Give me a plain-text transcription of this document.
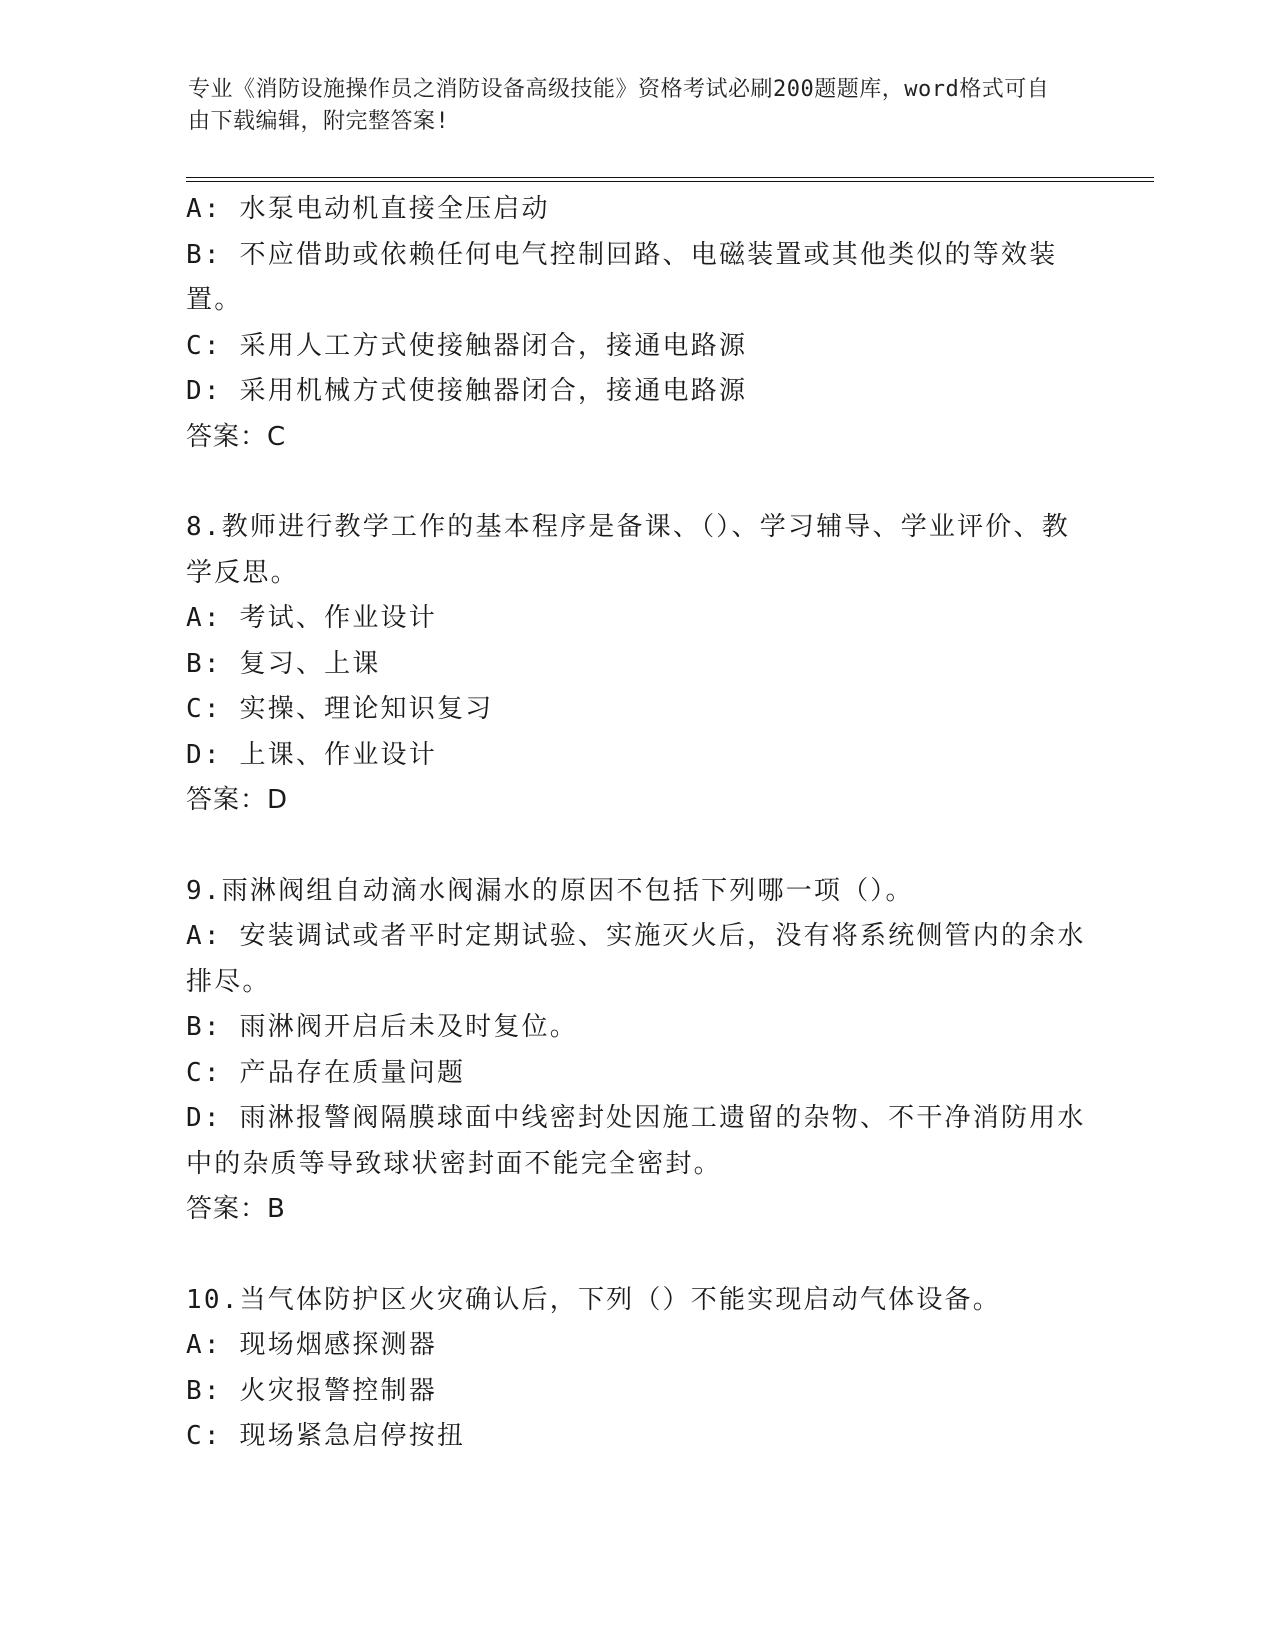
专业《消防设施操作员之消防设备高级技能》资格考试必刷200题题库，word格式可自由下载编辑，附完整答案!
A: 水泵电动机直接全压启动
B: 不应借助或依赖任何电气控制回路、电磁装置或其他类似的等效装置。
C: 采用人工方式使接触器闭合，接通电路源
D: 采用机械方式使接触器闭合，接通电路源
答案：C
8.教师进行教学工作的基本程序是备课、（）、学习辅导、学业评价、教学反思。
A: 考试、作业设计
B: 复习、上课
C: 实操、理论知识复习
D: 上课、作业设计
答案：D
9.雨淋阀组自动滴水阀漏水的原因不包括下列哪一项（）。
A: 安装调试或者平时定期试验、实施灭火后，没有将系统侧管内的余水排尽。
B: 雨淋阀开启后未及时复位。
C: 产品存在质量问题
D: 雨淋报警阀隔膜球面中线密封处因施工遗留的杂物、不干净消防用水中的杂质等导致球状密封面不能完全密封。
答案：B
10.当气体防护区火灾确认后，下列（）不能实现启动气体设备。
A: 现场烟感探测器
B: 火灾报警控制器
C: 现场紧急启停按扭
